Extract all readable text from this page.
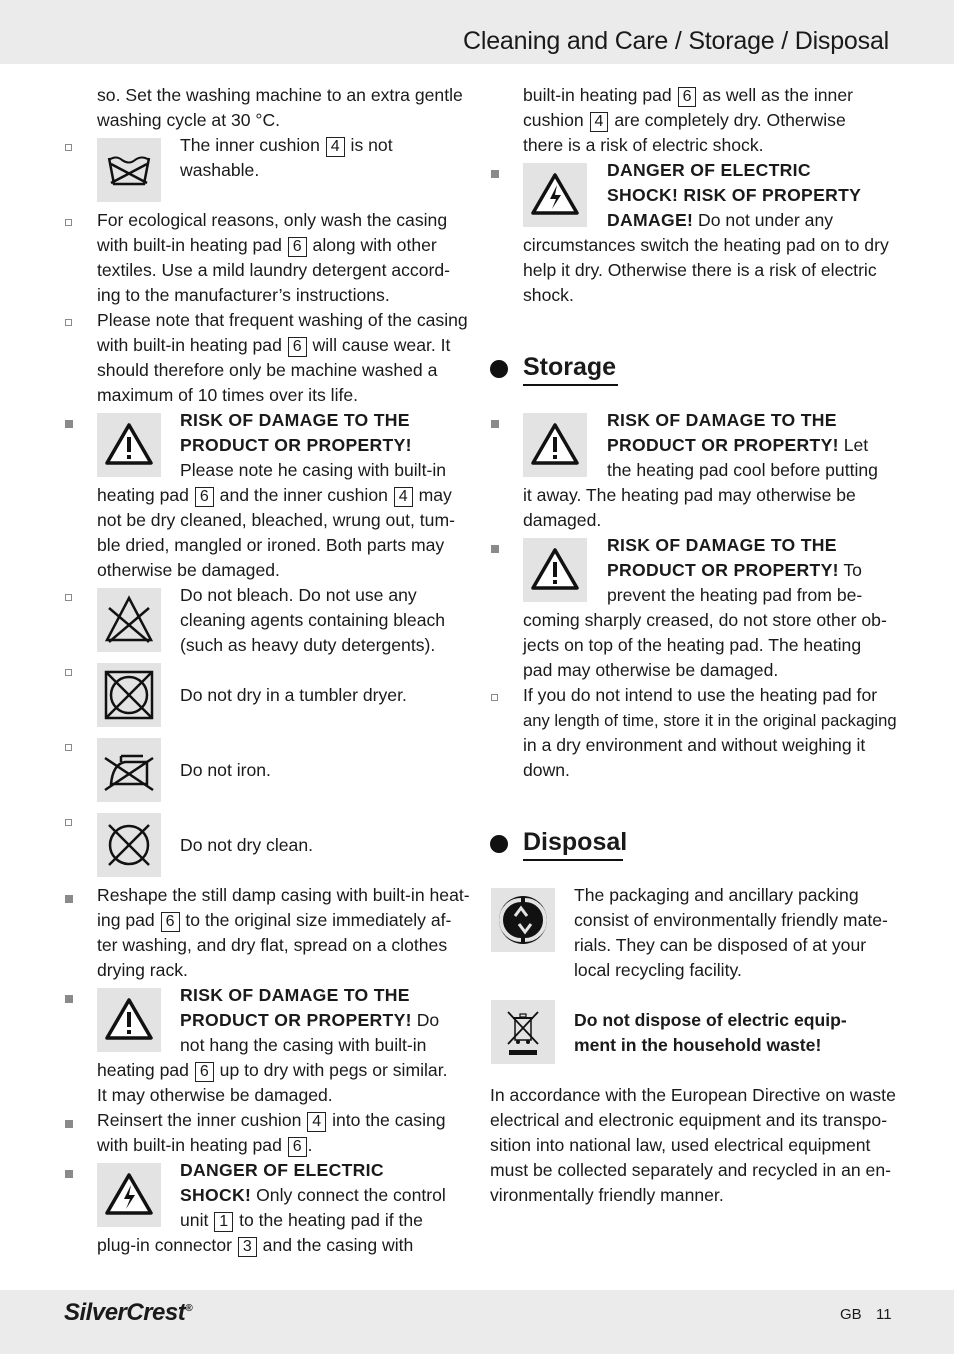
Cleaning and Care / Storage / Disposal
so. Set the washing machine to an extra gentle
washing cycle at 30 °C.
The inner cushion 4 is not
washable.
For ecological reasons, only wash the casing
with built-in heating pad 6 along with other
textiles. Use a mild laundry detergent accord-
ing to the manufacturer’s instructions.
Please note that frequent washing of the casing
with built-in heating pad 6 will cause wear. It
should therefore only be machine washed a
maximum of 10 times over its life.
RISK OF DAMAGE TO THE
PRODUCT OR PROPERTY!
Please note he casing with built-in
heating pad 6 and the inner cushion 4 may
not be dry cleaned, bleached, wrung out, tum-
ble dried, mangled or ironed. Both parts may
otherwise be damaged.
Do not bleach. Do not use any
cleaning agents containing bleach
(such as heavy duty detergents).
Do not dry in a tumbler dryer.
Do not iron.
Do not dry clean.
Reshape the still damp casing with built-in heat-
ing pad 6 to the original size immediately af-
ter washing, and dry flat, spread on a clothes
drying rack.
RISK OF DAMAGE TO THE
PRODUCT OR PROPERTY! Do
not hang the casing with built-in
heating pad 6 up to dry with pegs or similar.
It may otherwise be damaged.
Reinsert the inner cushion 4 into the casing
with built-in heating pad 6 .
DANGER OF ELECTRIC
SHOCK! Only connect the control
unit 1 to the heating pad if the
plug-in connector 3 and the casing with
built-in heating pad 6 as well as the inner
cushion 4 are completely dry. Otherwise
there is a risk of electric shock.
DANGER OF ELECTRIC
SHOCK! RISK OF PROPERTY
DAMAGE! Do not under any
circumstances switch the heating pad on to dry
help it dry. Otherwise there is a risk of electric
shock.
Storage
RISK OF DAMAGE TO THE
PRODUCT OR PROPERTY! Let
the heating pad cool before putting
it away. The heating pad may otherwise be
damaged.
RISK OF DAMAGE TO THE
PRODUCT OR PROPERTY! To
prevent the heating pad from be-
coming sharply creased, do not store other ob-
jects on top of the heating pad. The heating
pad may otherwise be damaged.
If you do not intend to use the heating pad for
any length of time, store it in the original packaging
in a dry environment and without weighing it
down.
Disposal
The packaging and ancillary packing
consist of environmentally friendly mate-
rials. They can be disposed of at your
local recycling facility.
Do not dispose of electric equip-
ment in the household waste!
In accordance with the European Directive on waste
electrical and electronic equipment and its transpo-
sition into national law, used electrical equipment
must be collected separately and recycled in an en-
vironmentally friendly manner.
SilverCrest®	GB 11
